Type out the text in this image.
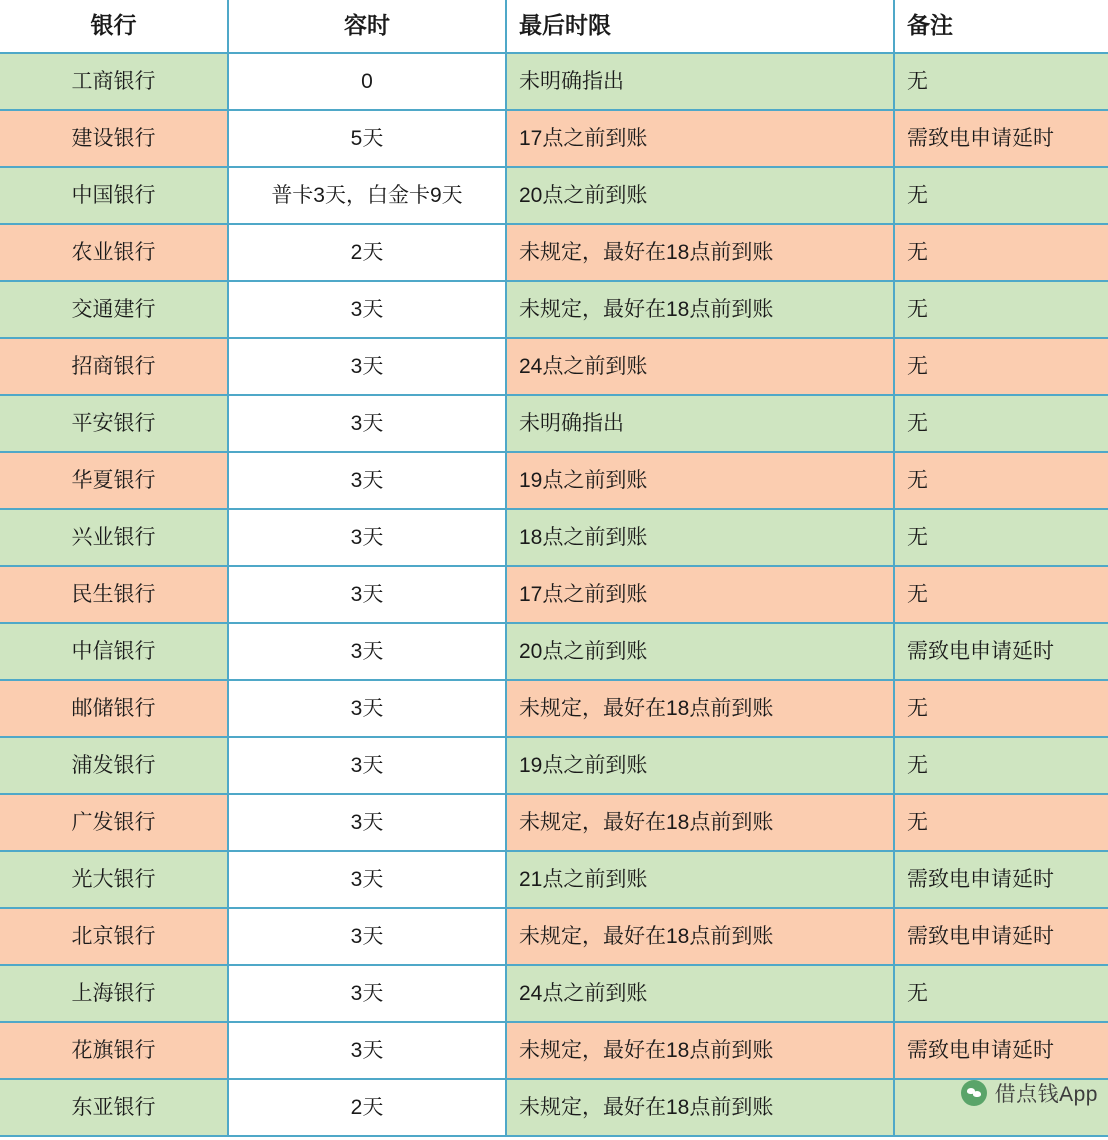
银行	容时	最后时限	备注
工商银行	0	未明确指出	无
建设银行	5天	17点之前到账	需致电申请延时
中国银行	普卡3天，白金卡9天	20点之前到账	无
农业银行	2天	未规定，最好在18点前到账	无
交通建行	3天	未规定，最好在18点前到账	无
招商银行	3天	24点之前到账	无
平安银行	3天	未明确指出	无
华夏银行	3天	19点之前到账	无
兴业银行	3天	18点之前到账	无
民生银行	3天	17点之前到账	无
中信银行	3天	20点之前到账	需致电申请延时
邮储银行	3天	未规定，最好在18点前到账	无
浦发银行	3天	19点之前到账	无
广发银行	3天	未规定，最好在18点前到账	无
光大银行	3天	21点之前到账	需致电申请延时
北京银行	3天	未规定，最好在18点前到账	需致电申请延时
上海银行	3天	24点之前到账	无
花旗银行	3天	未规定，最好在18点前到账	需致电申请延时
东亚银行	2天	未规定，最好在18点前到账	
借点钱App
